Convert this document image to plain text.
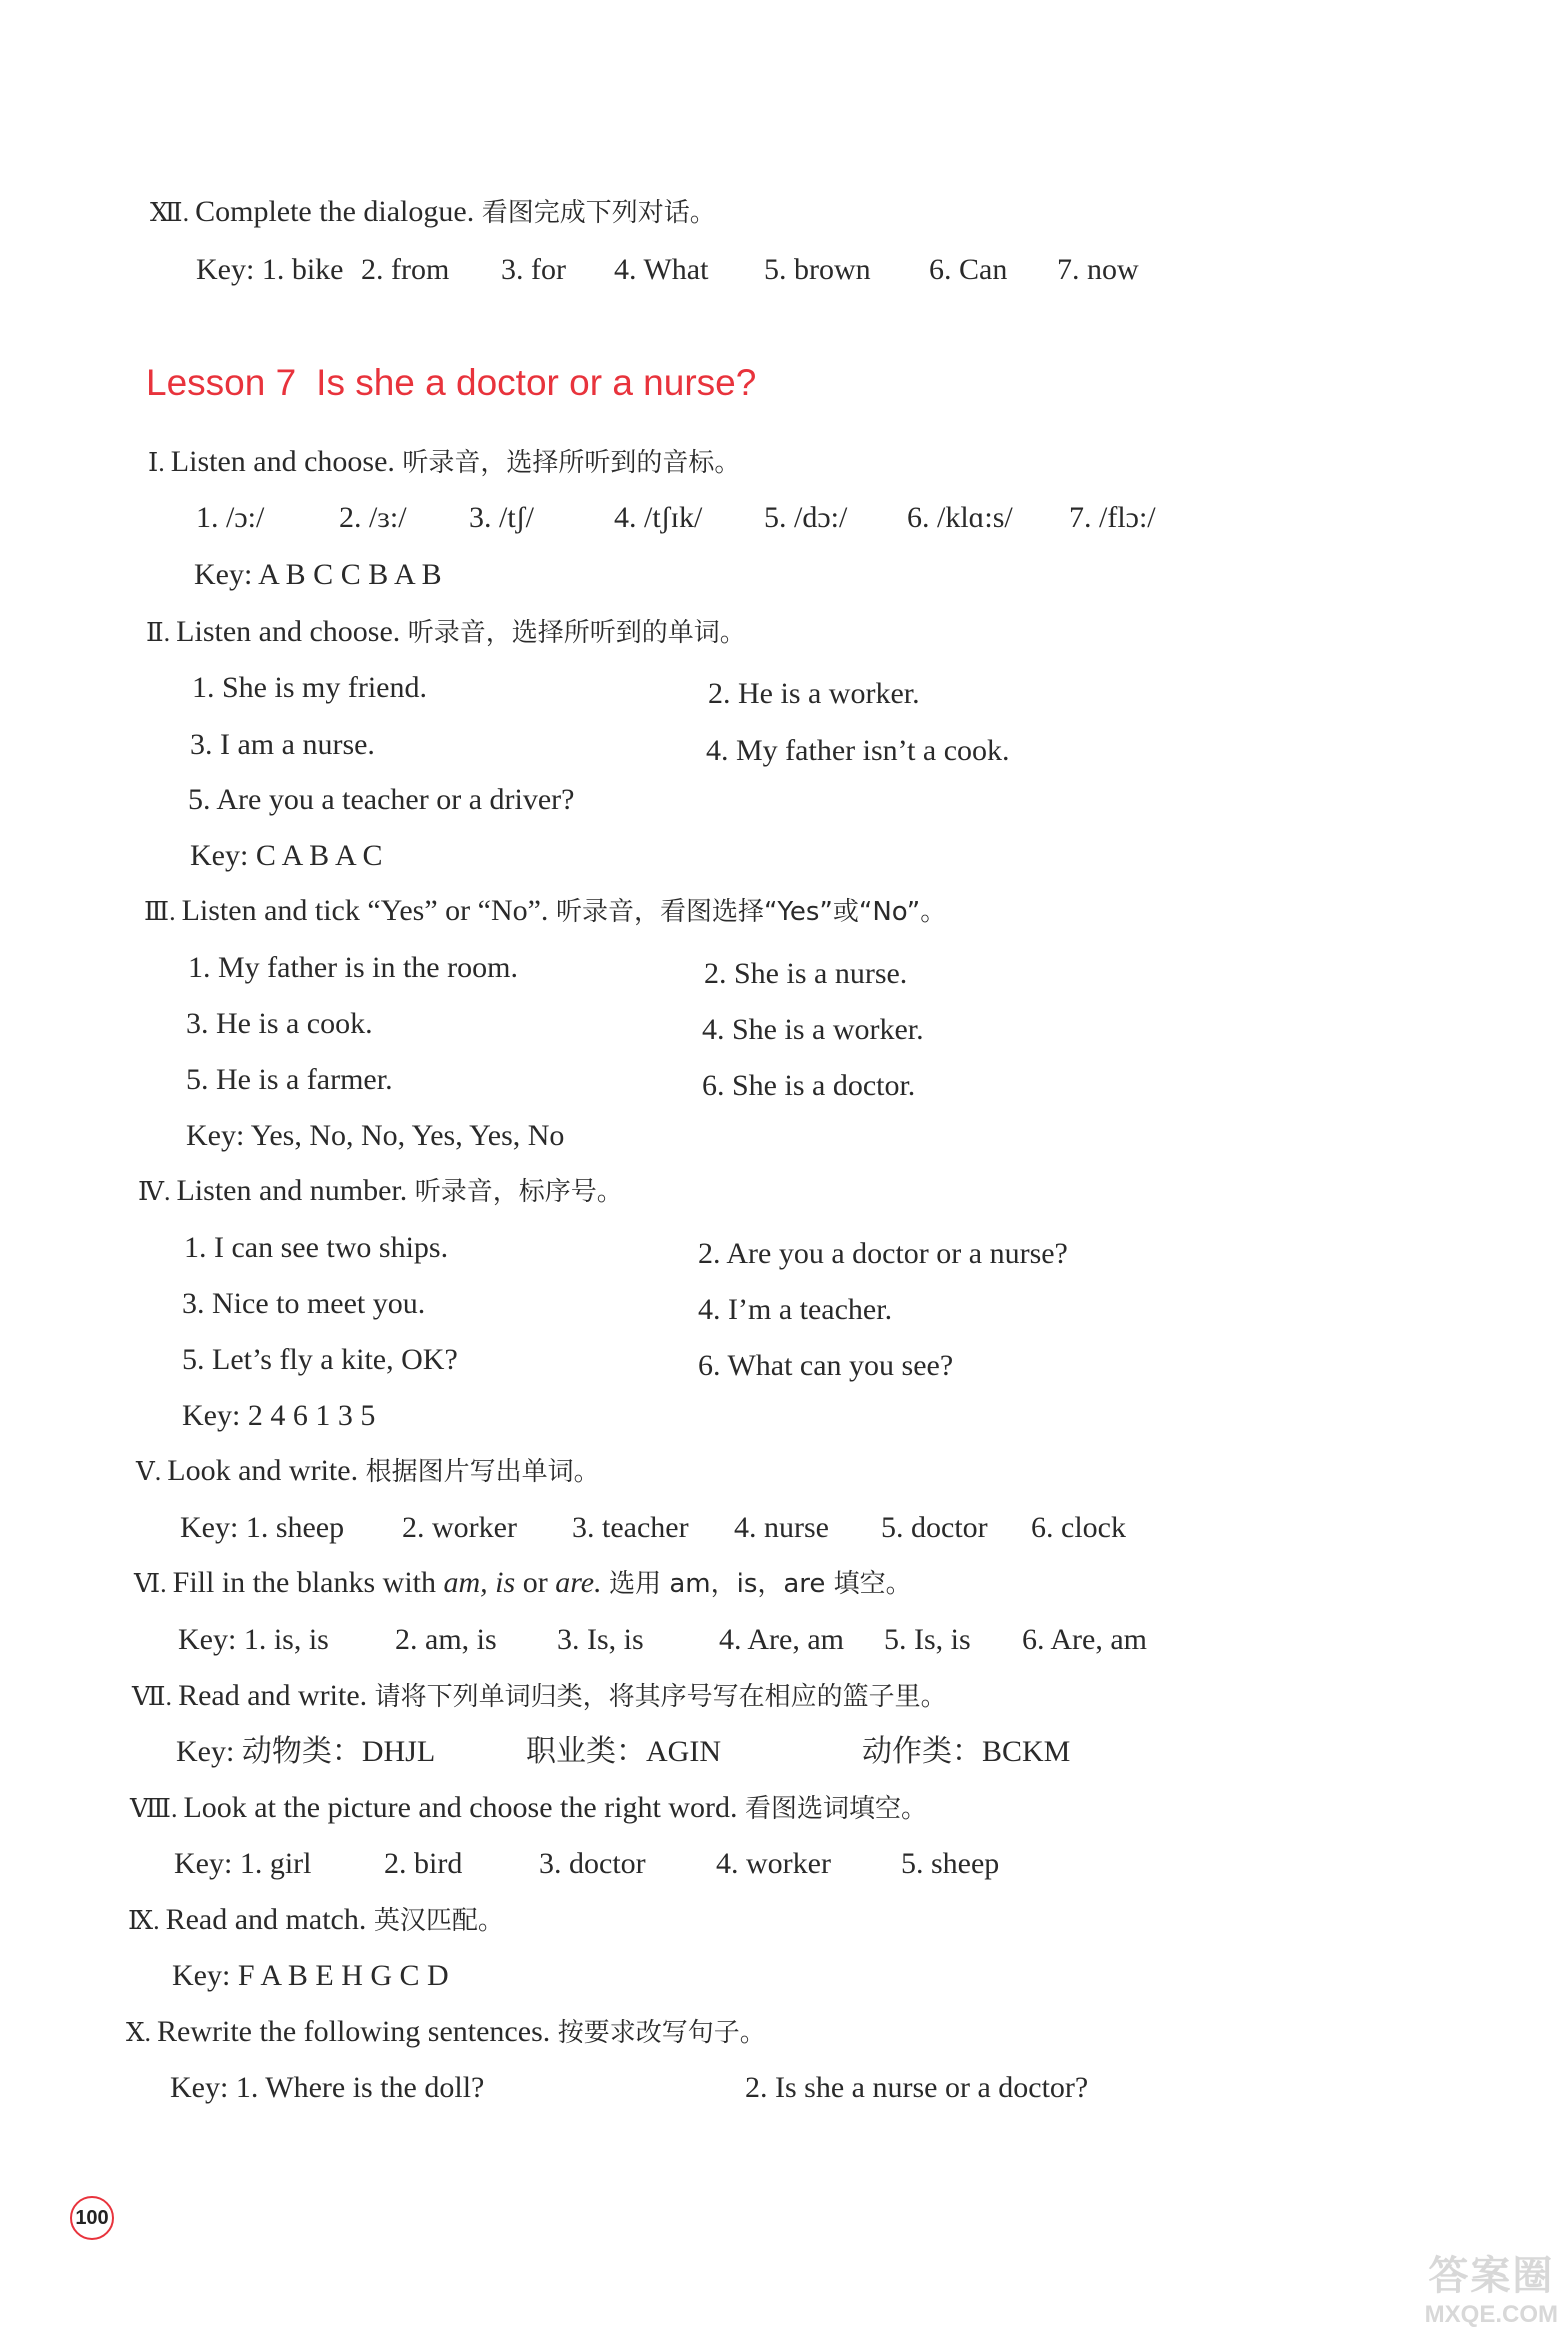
Ⅻ. Complete the dialogue. 看图完成下列对话。
Key: 1. bike 2. from 3. for 4. What 5. brown 6. Can 7. now
Lesson 7 Is she a doctor or a nurse?
Ⅰ. Listen and choose. 听录音，选择所听到的音标。
1. /ɔ:/ 2. /ɜ:/ 3. /tʃ/	4. /tʃɪk/ 5. /dɔ:/ 6. /klɑ:s/ 7. /flɔ:/
Key: A B C C B A B
Ⅱ. Listen and choose. 听录音，选择所听到的单词。
1. She is my friend.	2. He is a worker.
3. I am a nurse.	4. My father isn’t a cook.
5. Are you a teacher or a driver?
Key: C A B A C
Ⅲ. Listen and tick “Yes” or “No”. 听录音，看图选择“Yes”或“No”。
1. My father is in the room.	2. She is a nurse.
3. He is a cook.	4. She is a worker.
5. He is a farmer.	6. She is a doctor.
Key: Yes, No, No, Yes, Yes, No
Ⅳ. Listen and number. 听录音，标序号。
1. I can see two ships.	2. Are you a doctor or a nurse?
3. Nice to meet you.	4. I’m a teacher.
5. Let’s fly a kite, OK?	6. What can you see?
Key: 2 4 6 1 3 5
Ⅴ. Look and write. 根据图片写出单词。
Key: 1. sheep 2. worker 3. teacher 4. nurse 5. doctor 6. clock
Ⅵ. Fill in the blanks with am, is or are. 选用 am，is，are 填空。
Key: 1. is, is 2. am, is 3. Is, is	4. Are, am 5. Is, is 6. Are, am
Ⅶ. Read and write. 请将下列单词归类，将其序号写在相应的篮子里。
Key: 动物类：DHJL	职业类：AGIN	动作类：BCKM
Ⅷ. Look at the picture and choose the right word. 看图选词填空。
Key: 1. girl 2. bird	3. doctor 4. worker 5. sheep
Ⅸ. Read and match. 英汉匹配。
Key: F A B E H G C D
Ⅹ. Rewrite the following sentences. 按要求改写句子。
Key: 1. Where is the doll?	2. Is she a nurse or a doctor?
100
答案圈
MXQE.COM
